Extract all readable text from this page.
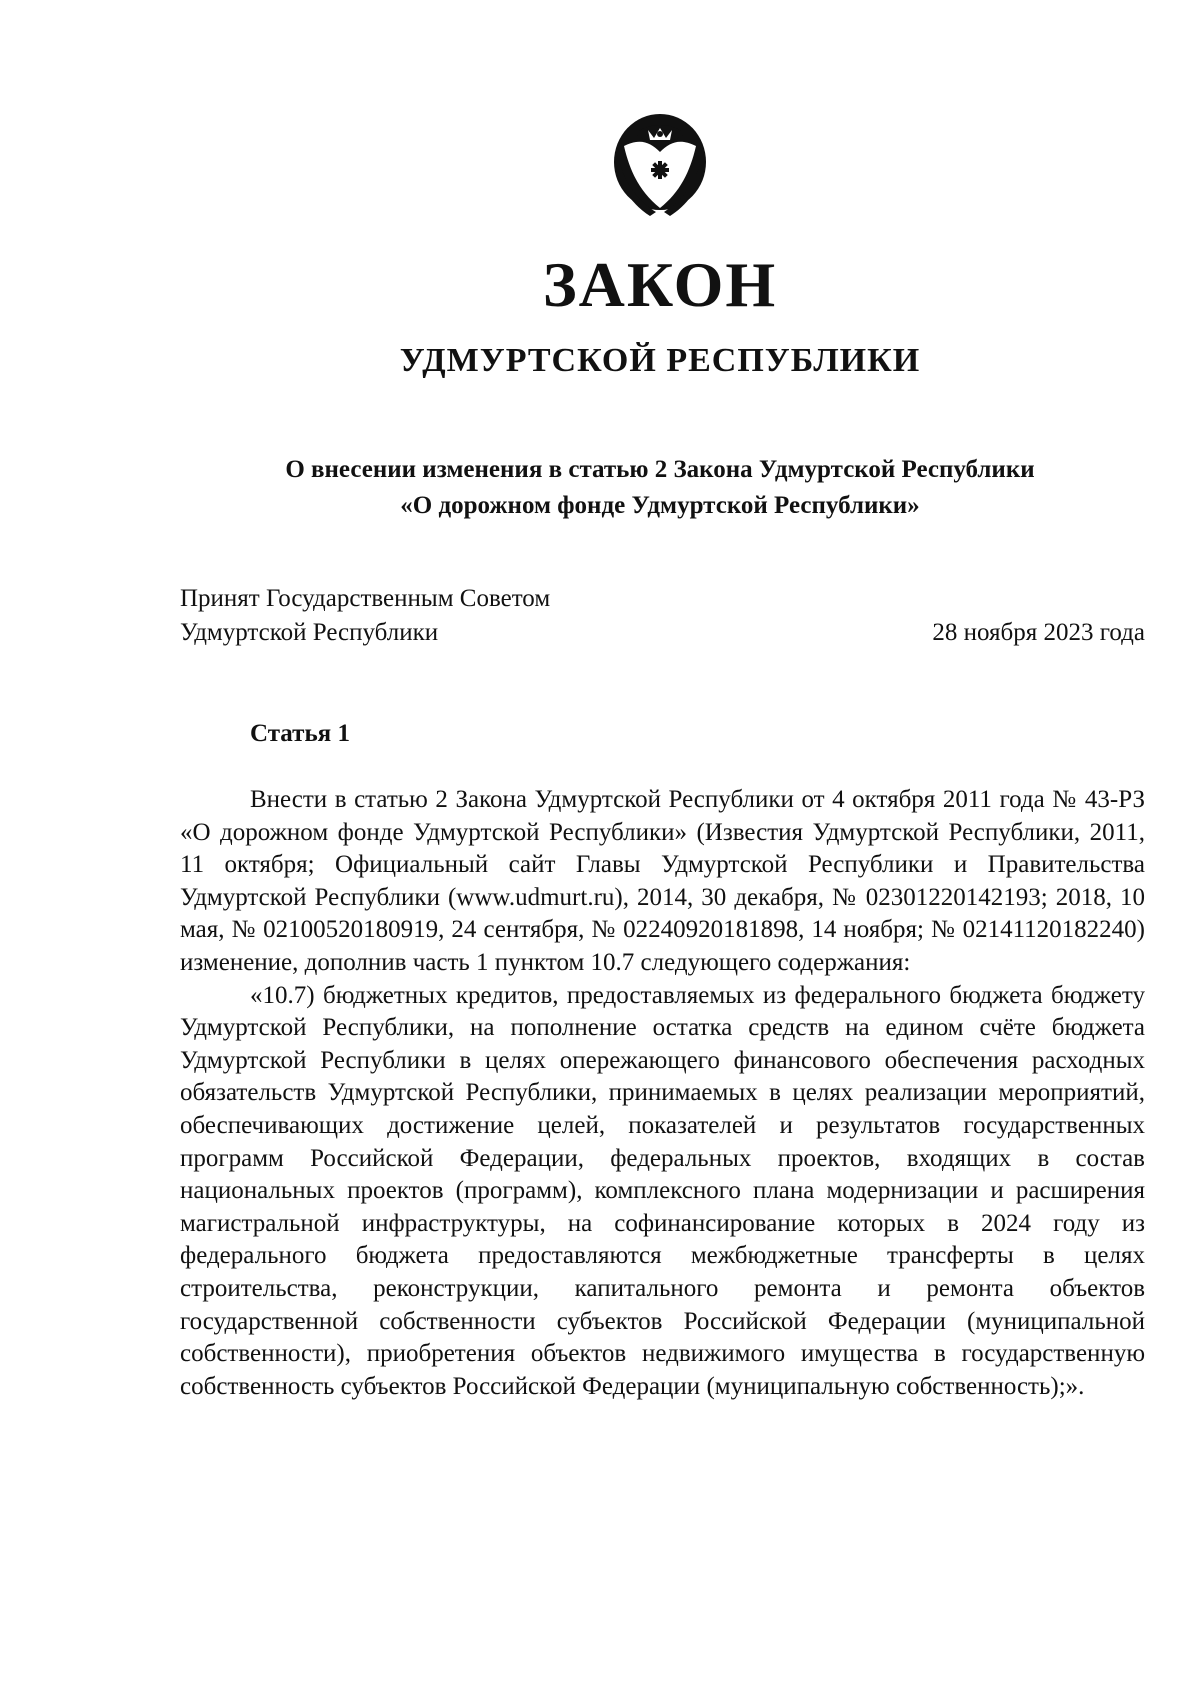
ЗАКОН
УДМУРТСКОЙ РЕСПУБЛИКИ
О внесении изменения в статью 2 Закона Удмуртской Республики
«О дорожном фонде Удмуртской Республики»
Принят Государственным Советом
Удмуртской Республики	28 ноября 2023 года
Статья 1

Внести в статью 2 Закона Удмуртской Республики от 4 октября 2011 года № 43-РЗ «О дорожном фонде Удмуртской Республики» (Известия Удмуртской Республики, 2011, 11 октября; Официальный сайт Главы Удмуртской Республики и Правительства Удмуртской Республики (www.udmurt.ru), 2014, 30 декабря, № 02301220142193; 2018, 10 мая, № 02100520180919, 24 сентября, № 02240920181898, 14 ноября; № 02141120182240) изменение, дополнив часть 1 пунктом 10.7 следующего содержания:

«10.7) бюджетных кредитов, предоставляемых из федерального бюджета бюджету Удмуртской Республики, на пополнение остатка средств на едином счёте бюджета Удмуртской Республики в целях опережающего финансового обеспечения расходных обязательств Удмуртской Республики, принимаемых в целях реализации мероприятий, обеспечивающих достижение целей, показателей и результатов государственных программ Российской Федерации, федеральных проектов, входящих в состав национальных проектов (программ), комплексного плана модернизации и расширения магистральной инфраструктуры, на софинансирование которых в 2024 году из федерального бюджета предоставляются межбюджетные трансферты в целях строительства, реконструкции, капитального ремонта и ремонта объектов государственной собственности субъектов Российской Федерации (муниципальной собственности), приобретения объектов недвижимого имущества в государственную собственность субъектов Российской Федерации (муниципальную собственность);».
